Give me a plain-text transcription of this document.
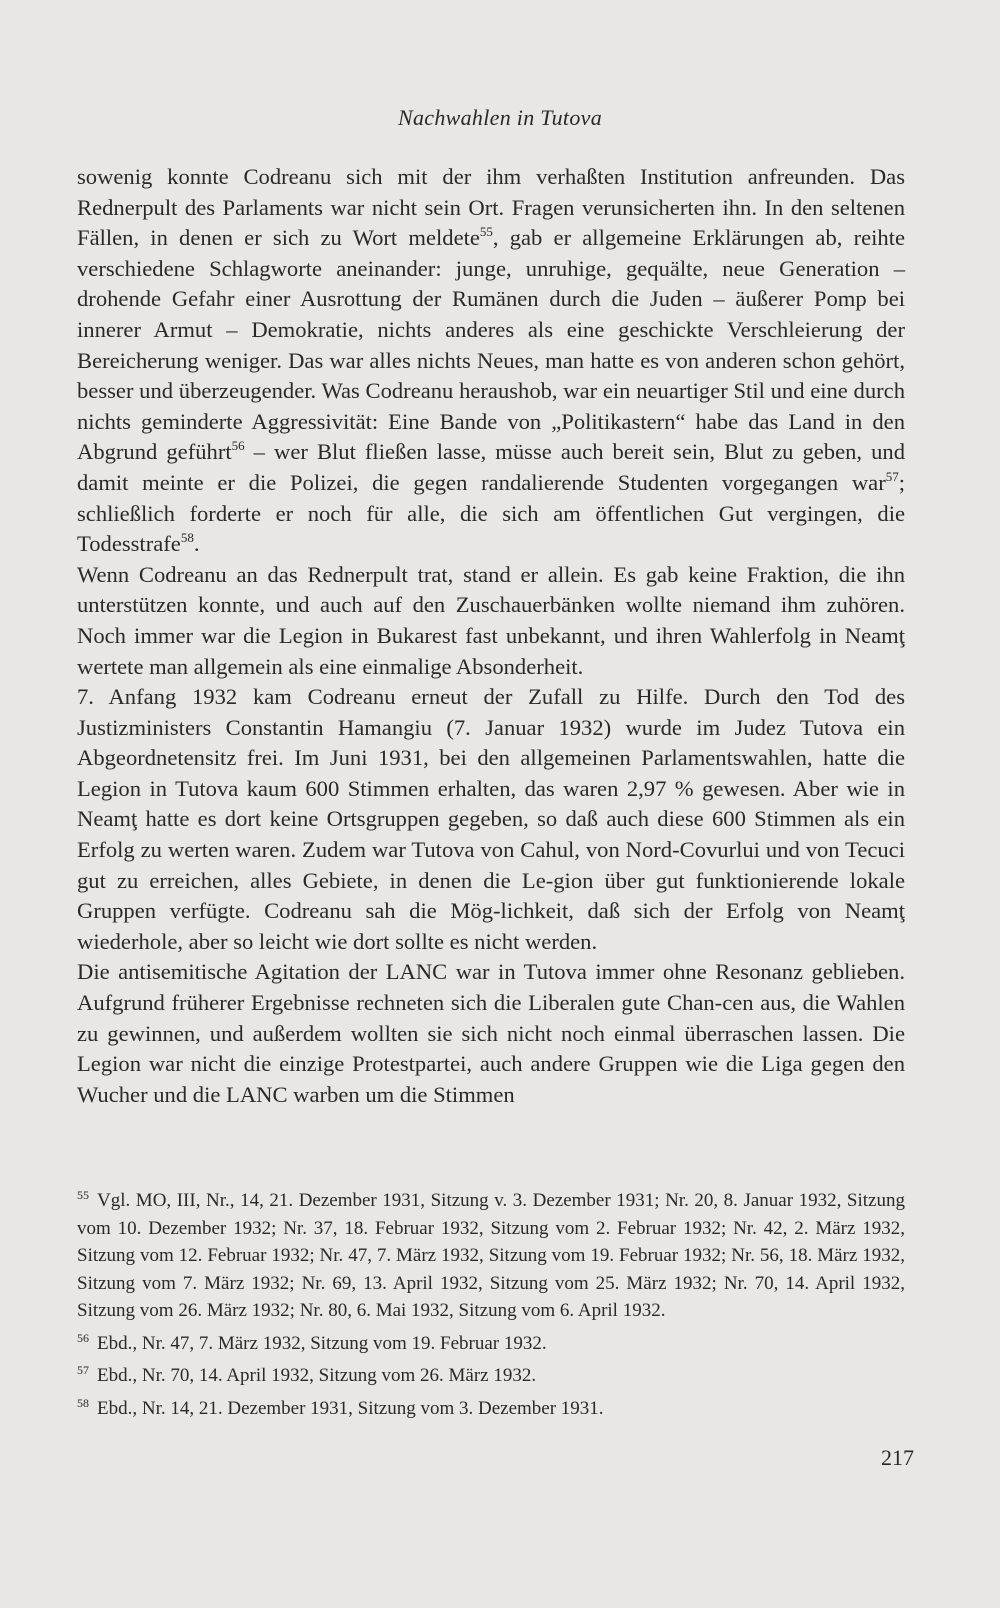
Nachwahlen in Tutova

sowenig konnte Codreanu sich mit der ihm verhaßten Institution anfreunden. Das Rednerpult des Parlaments war nicht sein Ort. Fragen verunsicherten ihn. In den seltenen Fällen, in denen er sich zu Wort meldete$^{55}$, gab er allgemeine Erklärungen ab, reihte verschiedene Schlagworte aneinander: junge, unruhige, gequälte, neue Generation – drohende Gefahr einer Ausrottung der Rumänen durch die Juden – äußerer Pomp bei innerer Armut – Demokratie, nichts anderes als eine geschickte Verschleierung der Bereicherung weniger. Das war alles nichts Neues, man hatte es von anderen schon gehört, besser und überzeugender. Was Codreanu heraushob, war ein neuartiger Stil und eine durch nichts geminderte Aggressivität: Eine Bande von „Politikastern“ habe das Land in den Abgrund geführt$^{56}$ – wer Blut fließen lasse, müsse auch bereit sein, Blut zu geben, und damit meinte er die Polizei, die gegen randalierende Studenten vorgegangen war$^{57}$; schließlich forderte er noch für alle, die sich am öffentlichen Gut vergingen, die Todesstrafe$^{58}$.

Wenn Codreanu an das Rednerpult trat, stand er allein. Es gab keine Fraktion, die ihn unterstützen konnte, und auch auf den Zuschauerbänken wollte niemand ihm zuhören. Noch immer war die Legion in Bukarest fast unbekannt, und ihren Wahlerfolg in Neamţ wertete man allgemein als eine einmalige Absonderheit.

7. Anfang 1932 kam Codreanu erneut der Zufall zu Hilfe. Durch den Tod des Justizministers Constantin Hamangiu (7. Januar 1932) wurde im Judez Tutova ein Abgeordnetensitz frei. Im Juni 1931, bei den allgemeinen Parlamentswahlen, hatte die Legion in Tutova kaum 600 Stimmen erhalten, das waren 2,97 % gewesen. Aber wie in Neamţ hatte es dort keine Ortsgruppen gegeben, so daß auch diese 600 Stimmen als ein Erfolg zu werten waren. Zudem war Tutova von Cahul, von Nord-Covurlui und von Tecuci gut zu erreichen, alles Gebiete, in denen die Le-gion über gut funktionierende lokale Gruppen verfügte. Codreanu sah die Mög-lichkeit, daß sich der Erfolg von Neamţ wiederhole, aber so leicht wie dort sollte es nicht werden.

Die antisemitische Agitation der LANC war in Tutova immer ohne Resonanz geblieben. Aufgrund früherer Ergebnisse rechneten sich die Liberalen gute Chan-cen aus, die Wahlen zu gewinnen, und außerdem wollten sie sich nicht noch einmal überraschen lassen. Die Legion war nicht die einzige Protestpartei, auch andere Gruppen wie die Liga gegen den Wucher und die LANC warben um die Stimmen

$^{55}$ Vgl. MO, III, Nr., 14, 21. Dezember 1931, Sitzung v. 3. Dezember 1931; Nr. 20, 8. Januar 1932, Sitzung vom 10. Dezember 1932; Nr. 37, 18. Februar 1932, Sitzung vom 2. Februar 1932; Nr. 42, 2. März 1932, Sitzung vom 12. Februar 1932; Nr. 47, 7. März 1932, Sitzung vom 19. Februar 1932; Nr. 56, 18. März 1932, Sitzung vom 7. März 1932; Nr. 69, 13. April 1932, Sitzung vom 25. März 1932; Nr. 70, 14. April 1932, Sitzung vom 26. März 1932; Nr. 80, 6. Mai 1932, Sitzung vom 6. April 1932.

$^{56}$ Ebd., Nr. 47, 7. März 1932, Sitzung vom 19. Februar 1932.

$^{57}$ Ebd., Nr. 70, 14. April 1932, Sitzung vom 26. März 1932.

$^{58}$ Ebd., Nr. 14, 21. Dezember 1931, Sitzung vom 3. Dezember 1931.

217
